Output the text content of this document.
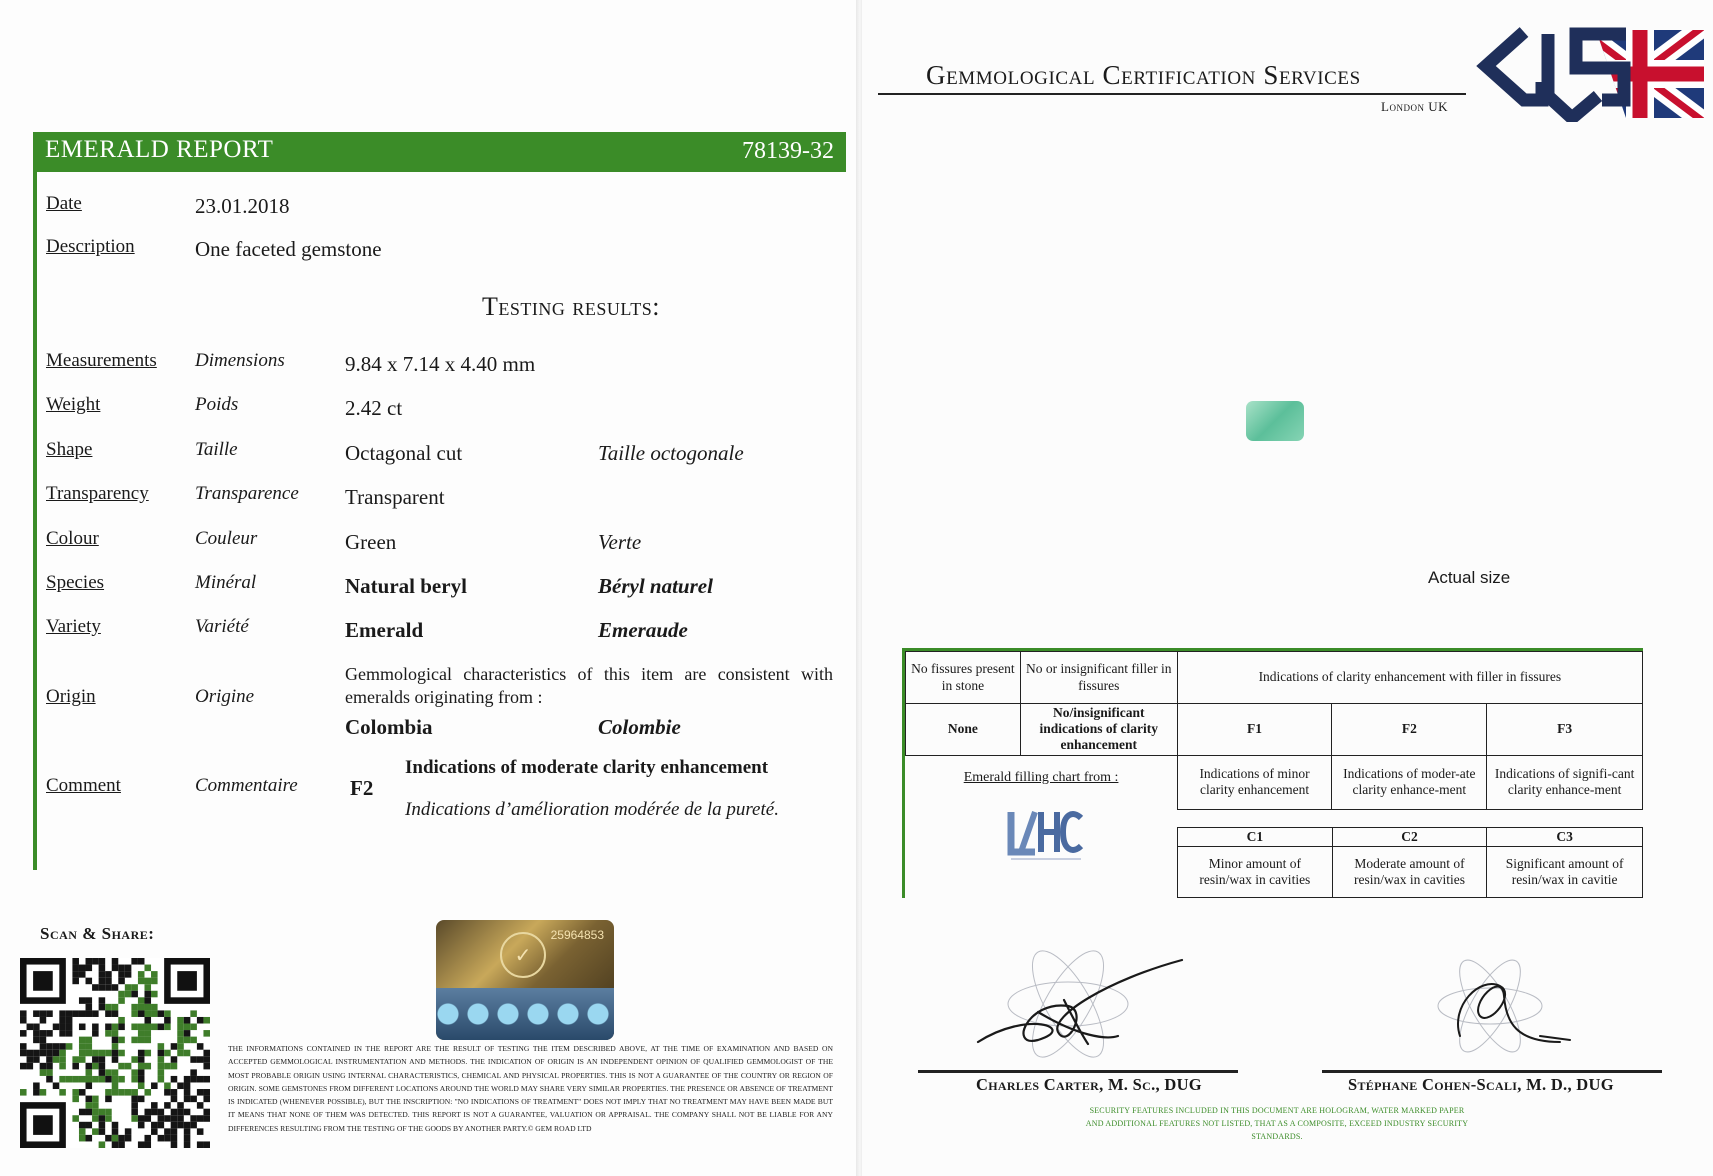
EMERALD REPORT	78139-32
Date	23.01.2018
Description	One faceted gemstone
Testing results:
Measurements Dimensions	9.84 x 7.14 x 4.40 mm
Weight	Poids	2.42 ct
Shape	Taille	Octagonal cut	Taille octogonale
Transparency Transparence Transparent
Colour	Couleur	Green	Verte
Species	Minéral	Natural beryl	Béryl naturel
Variety	Variété	Emerald	Emeraude
Origin	Origine
Gemmological characteristics of this item are consistent with emeralds originating from :
Colombia	Colombie
Comment	Commentaire F2
Indications of moderate clarity enhancement
Indications d’amélioration modérée de la pureté.
Scan & Share:	25964853
✓
THE INFORMATIONS CONTAINED IN THE REPORT ARE THE RESULT OF TESTING THE ITEM DESCRIBED ABOVE, AT THE TIME OF EXAMINATION AND BASED ON ACCEPTED GEMMOLOGICAL INSTRUMENTATION AND METHODS. THE INDICATION OF ORIGIN IS AN INDEPENDENT OPINION OF QUALIFIED GEMMOLOGIST OF THE MOST PROBABLE ORIGIN USING INTERNAL CHARACTERISTICS, CHEMICAL AND PHYSICAL PROPERTIES. THIS IS NOT A GUARANTEE OF THE COUNTRY OR REGION OF ORIGIN. SOME GEMSTONES FROM DIFFERENT LOCATIONS AROUND THE WORLD MAY SHARE VERY SIMILAR PROPERTIES. THE PRESENCE OR ABSENCE OF TREATMENT IS INDICATED (WHENEVER POSSIBLE), BUT THE INSCRIPTION: "NO INDICATIONS OF TREATMENT" DOES NOT IMPLY THAT NO TREATMENT MAY HAVE BEEN MADE BUT IT MEANS THAT NONE OF THEM WAS DETECTED. THIS REPORT IS NOT A GUARANTEE, VALUATION OR APPRAISAL. THE COMPANY SHALL NOT BE LIABLE FOR ANY DIFFERENCES RESULTING FROM THE TESTING OF THE GOODS BY ANOTHER PARTY.© GEM ROAD LTD
Gemmological Certification Services
London UK	GCS
Actual size
No fissures present in stone	No or insignificant filler in fissures	Indications of clarity enhancement with filler in fissures		
None	No/insignificant indications of clarity enhancement	F1	F2	F3
Emerald filling chart from :		Indications of minor clarity enhancement	Indications of moder-ate clarity enhance-ment	Indications of signifi-cant clarity enhance-ment
LHC	C1	C2	C3
Minor amount of resin/wax in cavities	Moderate amount of resin/wax in cavities	Significant amount of resin/wax in cavitie
Charles Carter, M. Sc., DUG	Stéphane Cohen-Scali, M. D., DUG
SECURITY FEATURES INCLUDED IN THIS DOCUMENT ARE HOLOGRAM, WATER MARKED PAPER AND ADDITIONAL FEATURES NOT LISTED, THAT AS A COMPOSITE, EXCEED INDUSTRY SECURITY STANDARDS.
